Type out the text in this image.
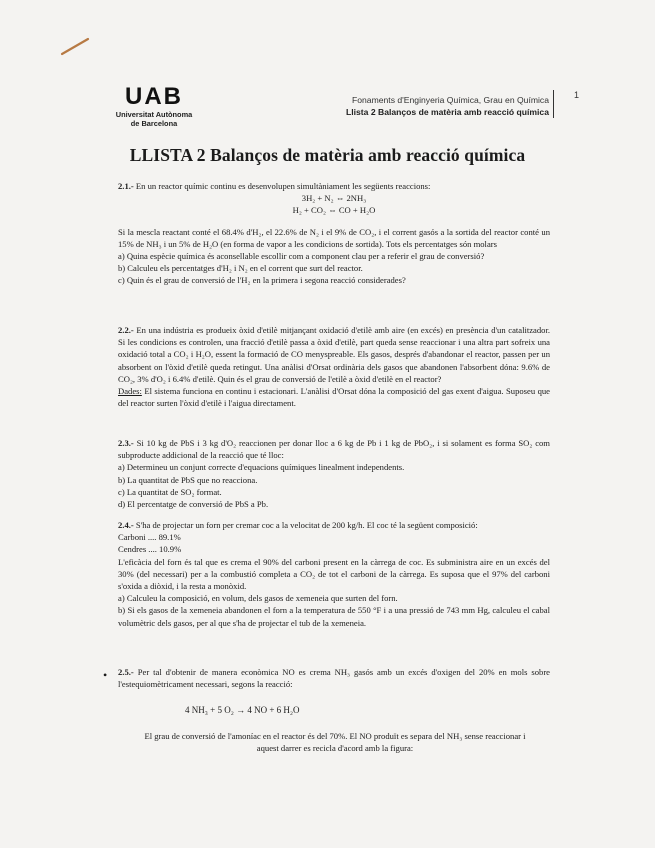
UAB
Universitat Autònoma
de Barcelona
Fonaments d'Enginyeria Química, Grau en Química
Llista 2 Balanços de matèria amb reacció química
1
LLISTA 2 Balanços de matèria amb reacció química

2.1.- En un reactor químic continu es desenvolupen simultàniament les següents reaccions:

3H₂ + N₂ ⇔ 2NH₃

H₂ + CO₂ ⇔ CO + H₂O

Si la mescla reactant conté el 68.4% d'H₂, el 22.6% de N₂ i el 9% de CO₂, i el corrent gasós a la sortida del reactor conté un 15% de NH₃ i un 5% de H₂O (en forma de vapor a les condicions de sortida). Tots els percentatges són molars

a) Quina espècie química és aconsellable escollir com a component clau per a referir el grau de conversió?

b) Calculeu els percentatges d'H₂ i N₂ en el corrent que surt del reactor.

c) Quin és el grau de conversió de l'H₂ en la primera i segona reacció considerades?

2.2.- En una indústria es produeix òxid d'etilè mitjançant oxidació d'etilè amb aire (en excés) en presència d'un catalitzador. Si les condicions es controlen, una fracció d'etilè passa a òxid d'etilè, part queda sense reaccionar i una altra part sofreix una oxidació total a CO₂ i H₂O, essent la formació de CO menyspreable. Els gasos, després d'abandonar el reactor, passen per un absorbent on l'òxid d'etilè queda retingut. Una anàlisi d'Orsat ordinària dels gasos que abandonen l'absorbent dóna: 9.6% de CO₂, 3% d'O₂ i 6.4% d'etilè. Quin és el grau de conversió de l'etilè a òxid d'etilè en el reactor?

Dades: El sistema funciona en continu i estacionari. L'anàlisi d'Orsat dóna la composició del gas exent d'aigua. Suposeu que del reactor surten l'òxid d'etilè i l'aigua directament.

2.3.- Si 10 kg de PbS i 3 kg d'O₂ reaccionen per donar lloc a 6 kg de Pb i 1 kg de PbO₂, i si solament es forma SO₂ com subproducte addicional de la reacció que té lloc:

a) Determineu un conjunt correcte d'equacions químiques linealment independents.

b) La quantitat de PbS que no reacciona.

c) La quantitat de SO₂ format.

d) El percentatge de conversió de PbS a Pb.

2.4.- S'ha de projectar un forn per cremar coc a la velocitat de 200 kg/h. El coc té la següent composició:

Carboni .... 89.1%

Cendres .... 10.9%

L'eficàcia del forn és tal que es crema el 90% del carboni present en la càrrega de coc. Es subministra aire en un excés del 30% (del necessari) per a la combustió completa a CO₂ de tot el carboni de la càrrega. Es suposa que el 97% del carboni s'oxida a diòxid, i la resta a monòxid.

a) Calculeu la composició, en volum, dels gasos de xemeneia que surten del forn.

b) Si els gasos de la xemeneia abandonen el forn a la temperatura de 550 °F i a una pressió de 743 mm Hg, calculeu el cabal volumètric dels gasos, per al que s'ha de projectar el tub de la xemeneia.

• 2.5.- Per tal d'obtenir de manera econòmica NO es crema NH₃ gasós amb un excés d'oxigen del 20% en mols sobre l'estequiomètricament necessari, segons la reacció:

4 NH₃ + 5 O₂ → 4 NO + 6 H₂O
El grau de conversió de l'amoníac en el reactor és del 70%. El NO produït es separa del NH₃ sense reaccionar i aquest darrer es recicla d'acord amb la figura:
